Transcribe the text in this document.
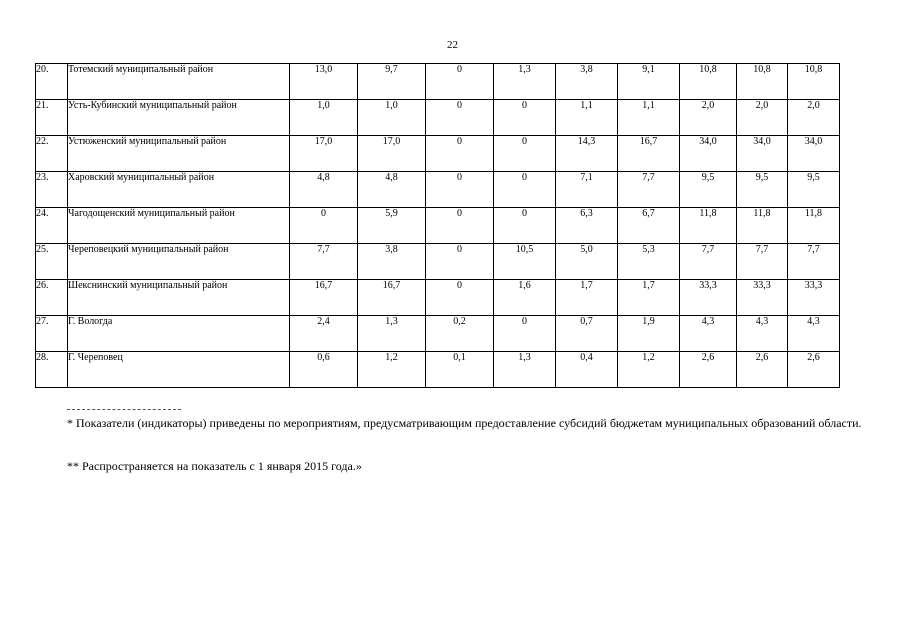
22
20.	Тотемский муниципальный район	13,0	9,7	0	1,3	3,8	9,1	10,8	10,8	10,8
21.	Усть-Кубинский муниципальный район	1,0	1,0	0	0	1,1	1,1	2,0	2,0	2,0
22.	Устюженский муниципальный район	17,0	17,0	0	0	14,3	16,7	34,0	34,0	34,0
23.	Харовский муниципальный район	4,8	4,8	0	0	7,1	7,7	9,5	9,5	9,5
24.	Чагодощенский муниципальный район	0	5,9	0	0	6,3	6,7	11,8	11,8	11,8
25.	Череповецкий муниципальный район	7,7	3,8	0	10,5	5,0	5,3	7,7	7,7	7,7
26.	Шекснинский муниципальный район	16,7	16,7	0	1,6	1,7	1,7	33,3	33,3	33,3
27.	Г. Вологда	2,4	1,3	0,2	0	0,7	1,9	4,3	4,3	4,3
28.	Г. Череповец	0,6	1,2	0,1	1,3	0,4	1,2	2,6	2,6	2,6
* Показатели (индикаторы) приведены по мероприятиям, предусматривающим предоставление субсидий бюджетам муниципальных образований области.
** Распространяется на показатель с 1 января 2015 года.»
